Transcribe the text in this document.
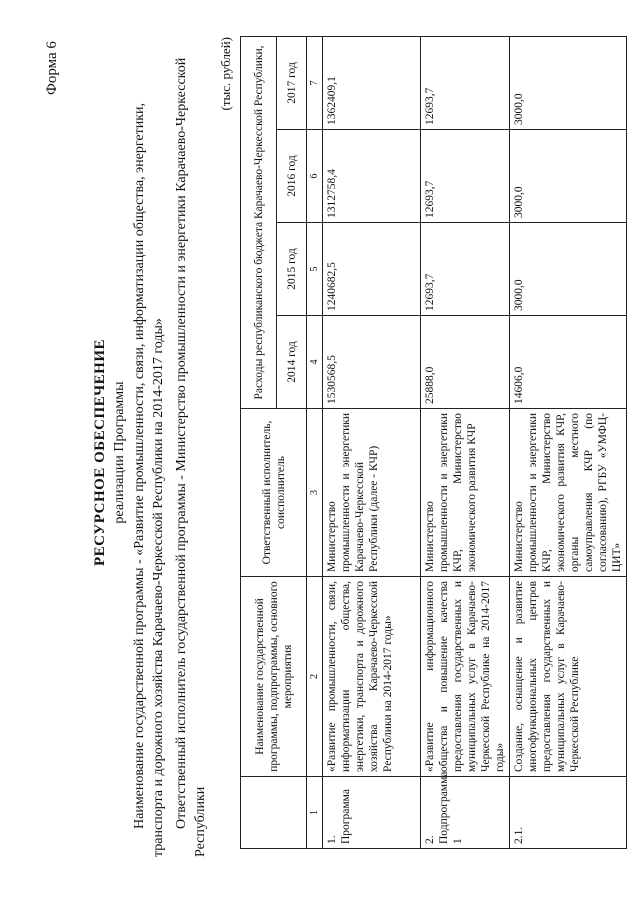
Форма 6
РЕСУРСНОЕ ОБЕСПЕЧЕНИЕ реализации Программы Наименование государственной программы - «Развитие промышленности, связи, информатизации общества, энергетики, транспорта и дорожного хозяйства Карачаево-Черкесской Республики на 2014-2017 годы» Ответственный исполнитель государственной программы - Министерство промышленности и энергетики Карачаево-Черкесской Республики
(тыс. рублей)
	Наименование государственной программы, подпрограммы, основного мероприятия	Ответственный исполнитель, соисполнитель	Расходы республиканского бюджета Карачаево-Черкесской Республики,			
			2014 год	2015 год	2016 год	2017 год
1	2	3	4	5	6	7
1. Программа	«Развитие промышленности, связи, информатизации общества, энергетики, транспорта и дорожного хозяйства Карачаево-Черкесской Республики на 2014-2017 годы»	Министерство промышленности и энергетики Карачаево-Черкесской Республики (далее - КЧР)	1530568,5	1240682,5	1312758,4	1362409,1
2. Подпрограмма 1	«Развитие информационного общества и повышение качества предоставления государственных и муниципальных услуг в Карачаево-Черкесской Республике на 2014-2017 годы»	Министерство промышленности и энергетики КЧР, Министерство экономического развития КЧР	25888,0	12693,7	12693,7	12693,7
2.1.	Создание, оснащение и развитие многофункциональных центров предоставления государственных и муниципальных услуг в Карачаево-Черкесской Республике	Министерство промышленности и энергетики КЧР, Министерство экономического развития КЧР, органы местного самоуправления КЧР (по согласованию), РГБУ «УМФЦ-ЦИТ»	14606,0	3000,0	3000,0	3000,0
